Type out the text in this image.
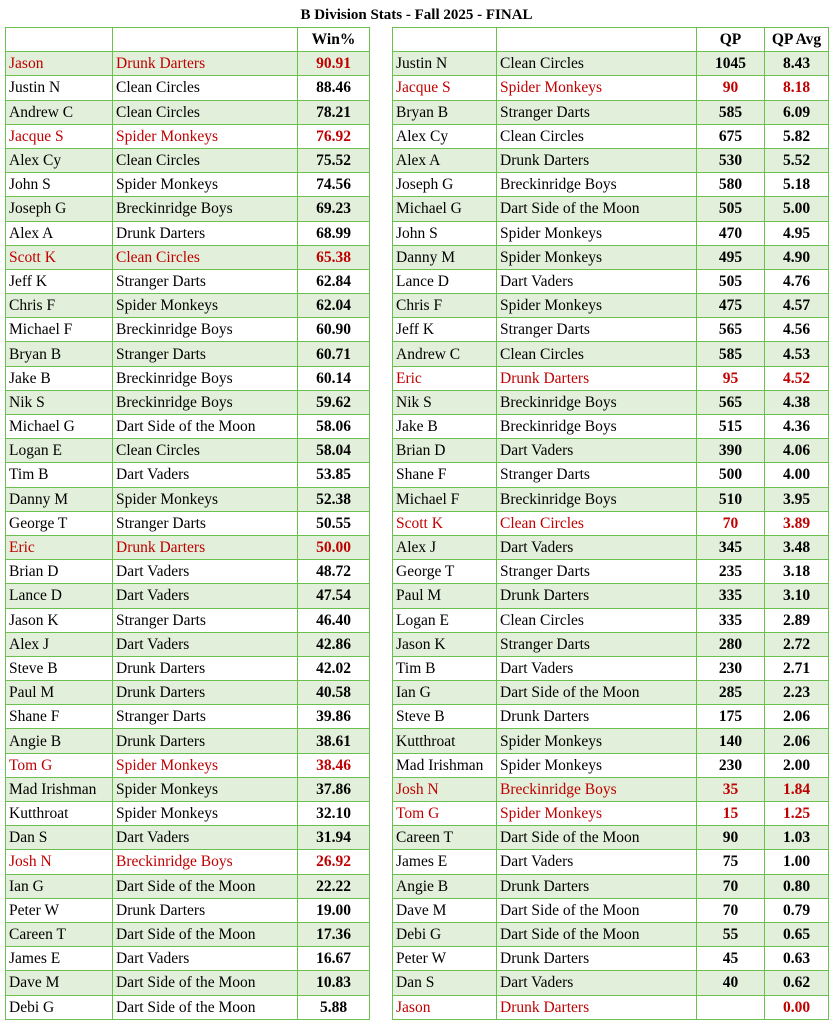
B Division Stats - Fall 2025 - FINAL
		Win%
Jason	Drunk Darters	90.91
Justin N	Clean Circles	88.46
Andrew C	Clean Circles	78.21
Jacque S	Spider Monkeys	76.92
Alex Cy	Clean Circles	75.52
John S	Spider Monkeys	74.56
Joseph G	Breckinridge Boys	69.23
Alex A	Drunk Darters	68.99
Scott K	Clean Circles	65.38
Jeff K	Stranger Darts	62.84
Chris F	Spider Monkeys	62.04
Michael F	Breckinridge Boys	60.90
Bryan B	Stranger Darts	60.71
Jake B	Breckinridge Boys	60.14
Nik S	Breckinridge Boys	59.62
Michael G	Dart Side of the Moon	58.06
Logan E	Clean Circles	58.04
Tim B	Dart Vaders	53.85
Danny M	Spider Monkeys	52.38
George T	Stranger Darts	50.55
Eric	Drunk Darters	50.00
Brian D	Dart Vaders	48.72
Lance D	Dart Vaders	47.54
Jason K	Stranger Darts	46.40
Alex J	Dart Vaders	42.86
Steve B	Drunk Darters	42.02
Paul M	Drunk Darters	40.58
Shane F	Stranger Darts	39.86
Angie B	Drunk Darters	38.61
Tom G	Spider Monkeys	38.46
Mad Irishman	Spider Monkeys	37.86
Kutthroat	Spider Monkeys	32.10
Dan S	Dart Vaders	31.94
Josh N	Breckinridge Boys	26.92
Ian G	Dart Side of the Moon	22.22
Peter W	Drunk Darters	19.00
Careen T	Dart Side of the Moon	17.36
James E	Dart Vaders	16.67
Dave M	Dart Side of the Moon	10.83
Debi G	Dart Side of the Moon	5.88
		QP	QP Avg
Justin N	Clean Circles	1045	8.43
Jacque S	Spider Monkeys	90	8.18
Bryan B	Stranger Darts	585	6.09
Alex Cy	Clean Circles	675	5.82
Alex A	Drunk Darters	530	5.52
Joseph G	Breckinridge Boys	580	5.18
Michael G	Dart Side of the Moon	505	5.00
John S	Spider Monkeys	470	4.95
Danny M	Spider Monkeys	495	4.90
Lance D	Dart Vaders	505	4.76
Chris F	Spider Monkeys	475	4.57
Jeff K	Stranger Darts	565	4.56
Andrew C	Clean Circles	585	4.53
Eric	Drunk Darters	95	4.52
Nik S	Breckinridge Boys	565	4.38
Jake B	Breckinridge Boys	515	4.36
Brian D	Dart Vaders	390	4.06
Shane F	Stranger Darts	500	4.00
Michael F	Breckinridge Boys	510	3.95
Scott K	Clean Circles	70	3.89
Alex J	Dart Vaders	345	3.48
George T	Stranger Darts	235	3.18
Paul M	Drunk Darters	335	3.10
Logan E	Clean Circles	335	2.89
Jason K	Stranger Darts	280	2.72
Tim B	Dart Vaders	230	2.71
Ian G	Dart Side of the Moon	285	2.23
Steve B	Drunk Darters	175	2.06
Kutthroat	Spider Monkeys	140	2.06
Mad Irishman	Spider Monkeys	230	2.00
Josh N	Breckinridge Boys	35	1.84
Tom G	Spider Monkeys	15	1.25
Careen T	Dart Side of the Moon	90	1.03
James E	Dart Vaders	75	1.00
Angie B	Drunk Darters	70	0.80
Dave M	Dart Side of the Moon	70	0.79
Debi G	Dart Side of the Moon	55	0.65
Peter W	Drunk Darters	45	0.63
Dan S	Dart Vaders	40	0.62
Jason	Drunk Darters		0.00
